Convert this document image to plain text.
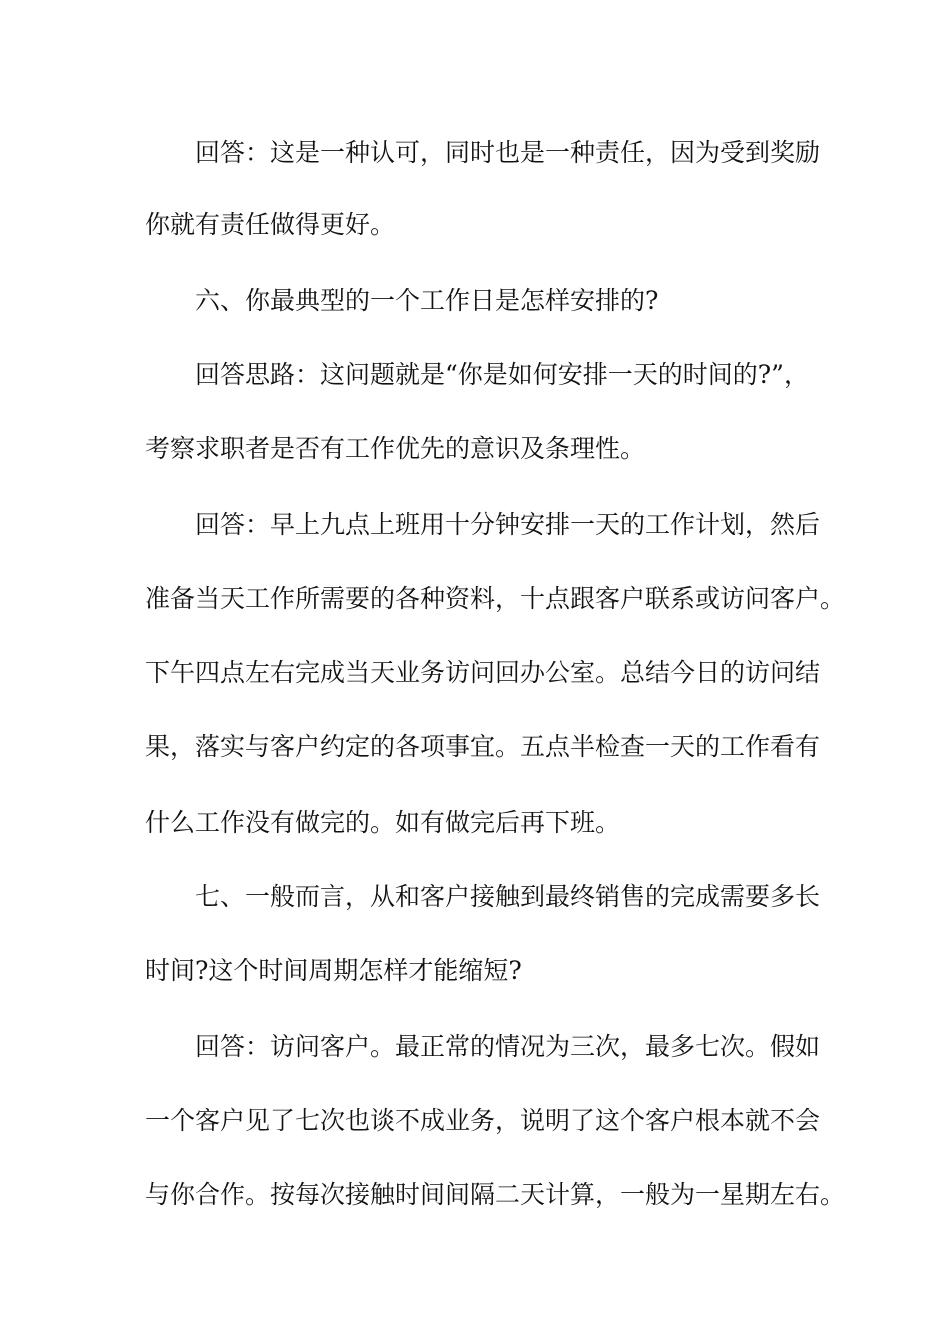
回答：这是一种认可，同时也是一种责任，因为受到奖励

你就有责任做得更好。

六、你最典型的一个工作日是怎样安排的?

回答思路：这问题就是“你是如何安排一天的时间的?”，

考察求职者是否有工作优先的意识及条理性。

回答：早上九点上班用十分钟安排一天的工作计划，然后

准备当天工作所需要的各种资料，十点跟客户联系或访问客户。

下午四点左右完成当天业务访问回办公室。总结今日的访问结

果，落实与客户约定的各项事宜。五点半检查一天的工作看有

什么工作没有做完的。如有做完后再下班。

七、一般而言，从和客户接触到最终销售的完成需要多长

时间?这个时间周期怎样才能缩短?

回答：访问客户。最正常的情况为三次，最多七次。假如

一个客户见了七次也谈不成业务，说明了这个客户根本就不会

与你合作。按每次接触时间间隔二天计算，一般为一星期左右。
